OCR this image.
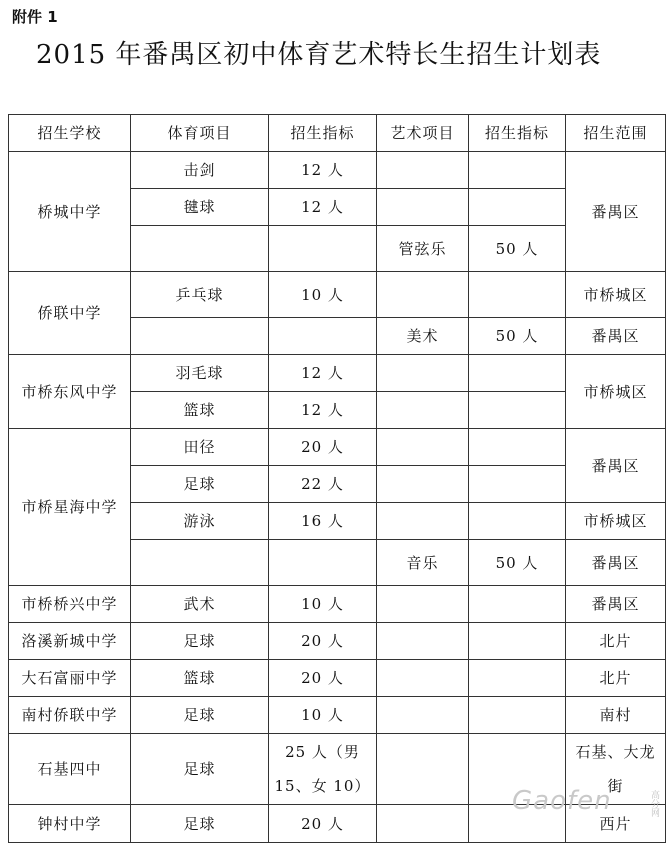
附件 1
2015 年番禺区初中体育艺术特长生招生计划表
招生学校	体育项目	招生指标	艺术项目	招生指标	招生范围
桥城中学	击剑	12 人			番禺区
	毽球	12 人			
			管弦乐	50 人	
侨联中学	乒乓球	10 人			市桥城区
			美术	50 人	番禺区
市桥东风中学	羽毛球	12 人			市桥城区
	篮球	12 人			
市桥星海中学	田径	20 人			番禺区
	足球	22 人			
	游泳	16 人			市桥城区
			音乐	50 人	番禺区
市桥桥兴中学	武术	10 人			番禺区
洛溪新城中学	足球	20 人			北片
大石富丽中学	篮球	20 人			北片
南村侨联中学	足球	10 人			南村
石基四中	足球	25 人（男 15、女 10）			石基、大龙街
钟村中学	足球	20 人			西片
Gaofen	高分网
